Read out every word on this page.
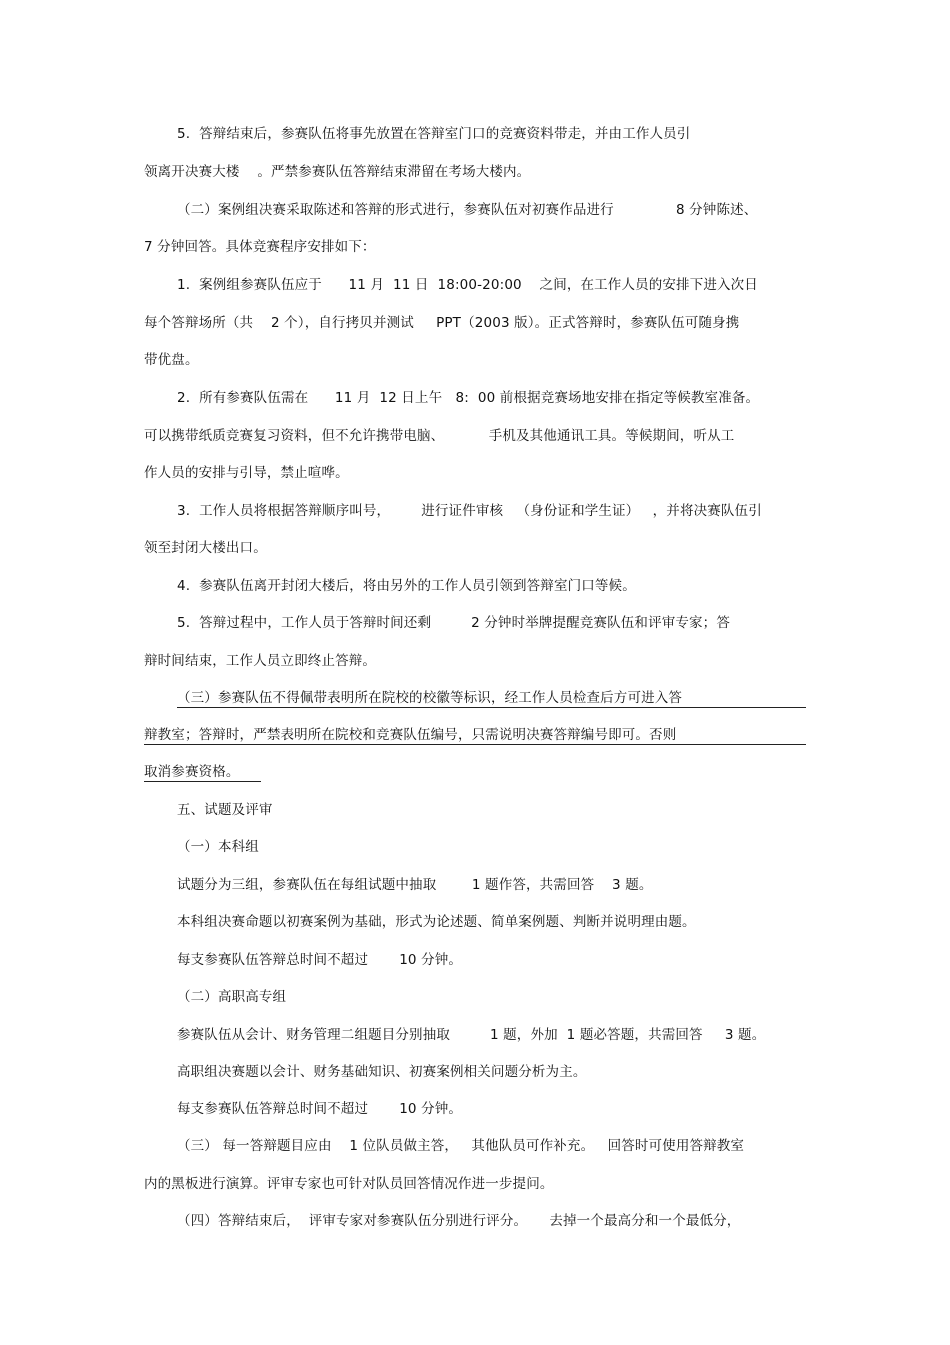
5.  答辩结束后，参赛队伍将事先放置在答辩室门口的竞赛资料带走，并由工作人员引
领离开决赛大楼    。严禁参赛队伍答辩结束滞留在考场大楼内。
（二）案例组决赛采取陈述和答辩的形式进行，参赛队伍对初赛作品进行              8 分钟陈述、
7 分钟回答。具体竞赛程序安排如下：
1.  案例组参赛队伍应于      11 月  11 日  18:00-20:00    之间，在工作人员的安排下进入次日
每个答辩场所（共    2 个），自行拷贝并测试     PPT（2003 版）。正式答辩时，参赛队伍可随身携
带优盘。
2.  所有参赛队伍需在      11 月  12 日上午   8:  00 前根据竞赛场地安排在指定等候教室准备。
可以携带纸质竞赛复习资料，但不允许携带电脑、          手机及其他通讯工具。等候期间，听从工
作人员的安排与引导，禁止喧哗。
3.  工作人员将根据答辩顺序叫号，       进行证件审核   （身份证和学生证）   ，并将决赛队伍引
领至封闭大楼出口。
4.  参赛队伍离开封闭大楼后，将由另外的工作人员引领到答辩室门口等候。
5.  答辩过程中，工作人员于答辩时间还剩         2 分钟时举牌提醒竞赛队伍和评审专家；答
辩时间结束，工作人员立即终止答辩。
（三）参赛队伍不得佩带表明所在院校的校徽等标识，经工作人员检查后方可进入答
辩教室；答辩时，严禁表明所在院校和竞赛队伍编号，只需说明决赛答辩编号即可。否则
取消参赛资格。
五、试题及评审
（一）本科组
试题分为三组，参赛队伍在每组试题中抽取        1 题作答，共需回答    3 题。
本科组决赛命题以初赛案例为基础，形式为论述题、简单案例题、判断并说明理由题。
每支参赛队伍答辩总时间不超过       10 分钟。
（二）高职高专组
参赛队伍从会计、财务管理二组题目分别抽取         1 题，外加  1 题必答题，共需回答     3 题。
高职组决赛题以会计、财务基础知识、初赛案例相关问题分析为主。
每支参赛队伍答辩总时间不超过       10 分钟。
（三） 每一答辩题目应由    1 位队员做主答，   其他队员可作补充。   回答时可使用答辩教室
内的黑板进行演算。评审专家也可针对队员回答情况作进一步提问。
（四）答辩结束后，  评审专家对参赛队伍分别进行评分。     去掉一个最高分和一个最低分，
